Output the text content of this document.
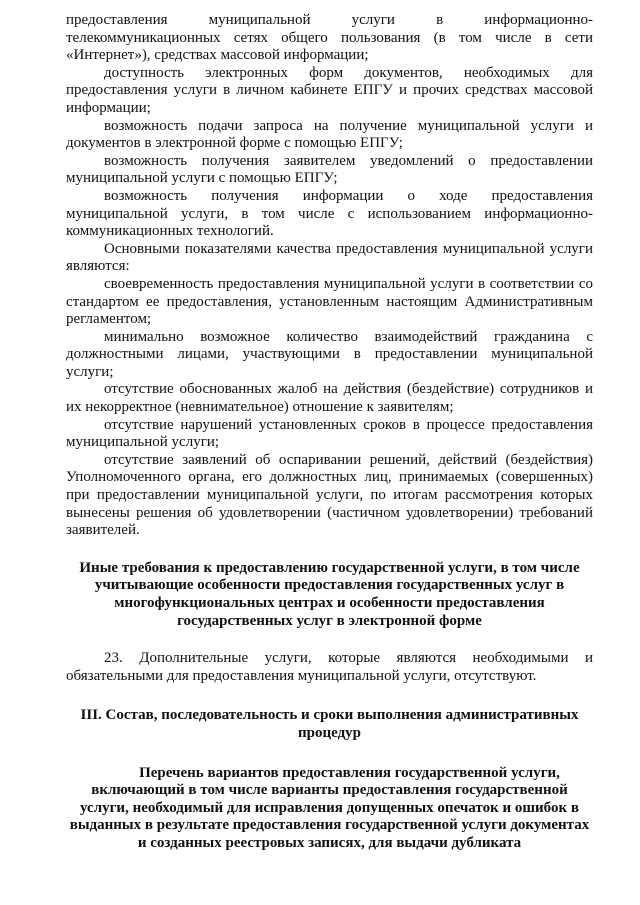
предоставления муниципальной услуги в информационно-телекоммуникационных сетях общего пользования (в том числе в сети «Интернет»), средствах массовой информации;

доступность электронных форм документов, необходимых для предоставления услуги в личном кабинете ЕПГУ и прочих средствах массовой информации;

возможность подачи запроса на получение муниципальной услуги и документов в электронной форме с помощью ЕПГУ;

возможность получения заявителем уведомлений о предоставлении муниципальной услуги с помощью ЕПГУ;

возможность получения информации о ходе предоставления муниципальной услуги, в том числе с использованием информационно-коммуникационных технологий.

Основными показателями качества предоставления муниципальной услуги являются:

своевременность предоставления муниципальной услуги в соответствии со стандартом ее предоставления, установленным настоящим Административным регламентом;

минимально возможное количество взаимодействий гражданина с должностными лицами, участвующими в предоставлении муниципальной услуги;

отсутствие обоснованных жалоб на действия (бездействие) сотрудников и их некорректное (невнимательное) отношение к заявителям;

отсутствие нарушений установленных сроков в процессе предоставления муниципальной услуги;

отсутствие заявлений об оспаривании решений, действий (бездействия) Уполномоченного органа, его должностных лиц, принимаемых (совершенных) при предоставлении муниципальной услуги, по итогам рассмотрения которых вынесены решения об удовлетворении (частичном удовлетворении) требований заявителей.

Иные требования к предоставлению государственной услуги, в том числе учитывающие особенности предоставления государственных услуг в многофункциональных центрах и особенности предоставления государственных услуг в электронной форме

23. Дополнительные услуги, которые являются необходимыми и обязательными для предоставления муниципальной услуги, отсутствуют.

III. Состав, последовательность и сроки выполнения административных процедур

Перечень вариантов предоставления государственной услуги, включающий в том числе варианты предоставления государственной услуги, необходимый для исправления допущенных опечаток и ошибок в выданных в результате предоставления государственной услуги документах и созданных реестровых записях, для выдачи дубликата
